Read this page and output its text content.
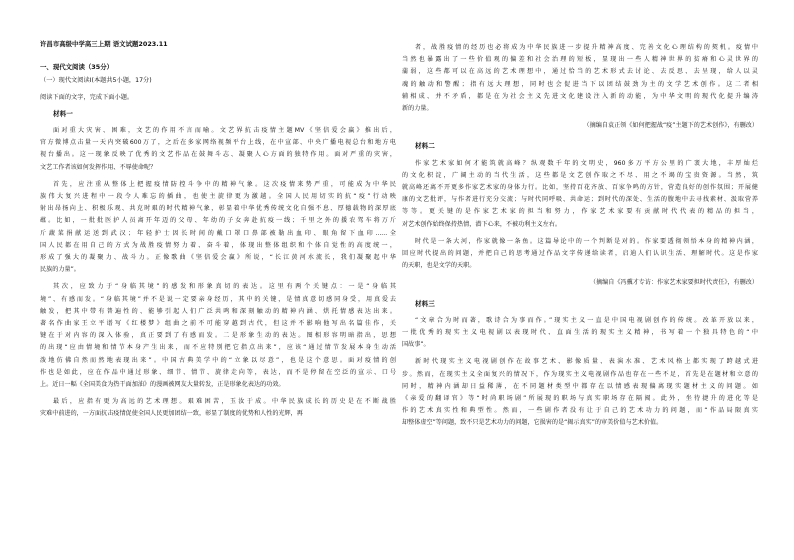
许昌市高级中学高三上期 语文试题2023.11
一、现代文阅读（35分）
（一）现代文阅读Ⅰ(本题共5小题，17分)
阅读下面的文字，完成下面小题。
材料一
面对重大灾害、困难，文艺的作用不言而喻。文艺界抗击疫情主题MV《坚信爱会赢》推出后，
官方微博点击量一天内突破600万了，之后在多家网络视频平台上线，在中宣部、中央广播电视总台和地方电
视台播出。这一现象反映了优秀的文艺作品在鼓舞斗志、凝聚人心方面的独特作用。面对严重的灾害，
文艺工作者该如何发挥作用、不辱使命呢？
首先，应注重从整体上把握疫情防控斗争中的精神气象。这次疫情来势严重，可能成为中华民
族伟大复兴进程中一段令人难忘的插曲，也使主旋律更为激越。全国人民用切实的抗“疫”行动映
射出昂扬向上、积极乐观、共克时艰的时代精神气象，彰显着中华优秀传统文化自强不息、厚德载物的深厚底
蕴。比如，一批批医护人员离开年迈的父母、年幼的子女奔赴抗疫一线；千里之外的援农驾车将万斤
斤蔬菜捐献运送到武汉；年轻护士因长时间的戴口罩口鼻部被勒出血印、眼角留下血印......全
国人民都在用自己的方式为战胜疫情努力着、奋斗着，体现出整体组织和个体自觉性的高度统一，
形成了强大的凝聚力、战斗力。正像歌曲《坚信爱会赢》所说，“长江黄河水流长，我们凝聚起中华
民族的力量”。
其次，应致力于“身临其境”的感发和形象真切的表达。这里有两个关键点：一是“身临其
境”、有感而发。“身临其境”并不是说一定要亲身经历，其中的关键，是情真意切感同身受，用真爱去
触发，把其中带有普遍性的、能够引起人们广泛共鸣和深刻触动的精神内涵、烘托情感表达出来。
著名作曲家王立平谱写《红楼梦》组曲之前不可能穿越到古代，但这并不影响他写出名篇佳作，关
键在于对内容的深入体验，真正要到了有感而发。二是形象生动的表达。图相形容明暗指出，思想
的出现“应由情境和情节本身产生出来，而不应特别把它指点出来”，应该“通过情节发展本身生动活
泼地仿佛自然而然地表现出来”。中国古典美学中的“立象以尽意”，也是这个意思。面对疫情的创
作也是如此，应在作品中通过形象、细节、情节、旋律走向等，表达，而不是停留在空泛的宣示、口号
上。近日一幅《全国美食为热干面加油》的漫画被网友大量转发，正是形象化表达的功效。
最后，应指有更为高远的艺术理想。艰难困苦，玉汝于成。中华民族成长的历史是在不断战胜
灾难中前进的，一方面抗击疫情促使全国人民更加团结一致，彰显了制度的优势和人性的光辉，再
者，战胜疫情的经历也必将成为中华民族进一步提升精神高度、完善文化心理结构的契机。疫情中
当然也暴露出了一些价值观的偏差和社会治理的短板，显现出一些人精神世界的贫瘠和心灵世界的
蒲弱，这些都可以在高远的艺术理想中，通过恰当的艺术形式去讨论、去反思、去呈现，给人以灵
魂的触动和警醒；指有远大理想，同时也会促进当下以团结鼓劲为主的文学艺术创作。这二者相
辅相成、并不矛盾，都是在为社会主义先进文化建设注入新的动能，为中华文明的现代化提升编涛
新的力量。
（摘编自袁正领《如何把握战“疫”主题下的艺术创作》，有删改）
材料二
作家艺术家如何才能筑就高峰？纵观数千年的文明史，960多万平方公里的广袤大地，丰厚灿烂
的文化积淀，广阔主动的当代生活，这些都是文艺创作取之不尽、用之不竭的宝贵资源。当然，筑
就高峰还离不开更多作家艺术家的身体力行。比如，坚持百花齐放、百家争鸣的方针，营造良好的创作氛围；开展健
康的文艺批评，与作者进行充分交流；与时代同呼吸、共命运；到时代的深处、生活的腹地中去寻找素材、汲取营养
等等。更关键的是作家艺术家的担当和努力，作家艺术家要有贡献时代代表的精品的担当，
对艺术创作始终保持热情，潜下心来，不被功利主义左右。
时代是一条大河，作家就像一条鱼。这篇导论中的一个判断是对的。作家要透彻领悟本身的精神内涵，
回应时代提出的问题，并把自己的思考通过作品文字传递给读者，启迪人们认识生活、理解时代。这是作家
的天职，也是文学的天职。
（摘编自《冯骥才专访：作家艺术家要担时代责任》，有删改）
材料三
“文章合为时而著，歌诗合为事而作。”现实主义一直是中国电视剧创作的传统。改革开放以来，
一批优秀的现实主义电视剧以表现时代、直面生活的现实主义精神，书写着一个独具特色的“中
国故事”。
新时代现实主义电视剧创作在故事艺术、影像质量、表演水准、艺术风格上都实现了跨越式进
步。然而，在现实主义全面复兴的情况下，作为现实主义电视剧作品也存在一些不足，首先是在题材和立意的
同时，精神内涵却日益稀薄，在不同题材类型中都存在以情感表现偏离现实题材主义的问题。如
《亲爱的翻译官》等“时尚职场剧”所展现的职场与真实职场存在隔阂。此外，坐待捷升的进化等是
作的艺术真实性和典型性。然而，一些剧作者没有让于自己的艺术功力的问题，而“作品局限真实
却整体虚空”等问题，致不只是艺术功力的问题，它损害的是“揭示真实”的审美价值与艺术价值。
